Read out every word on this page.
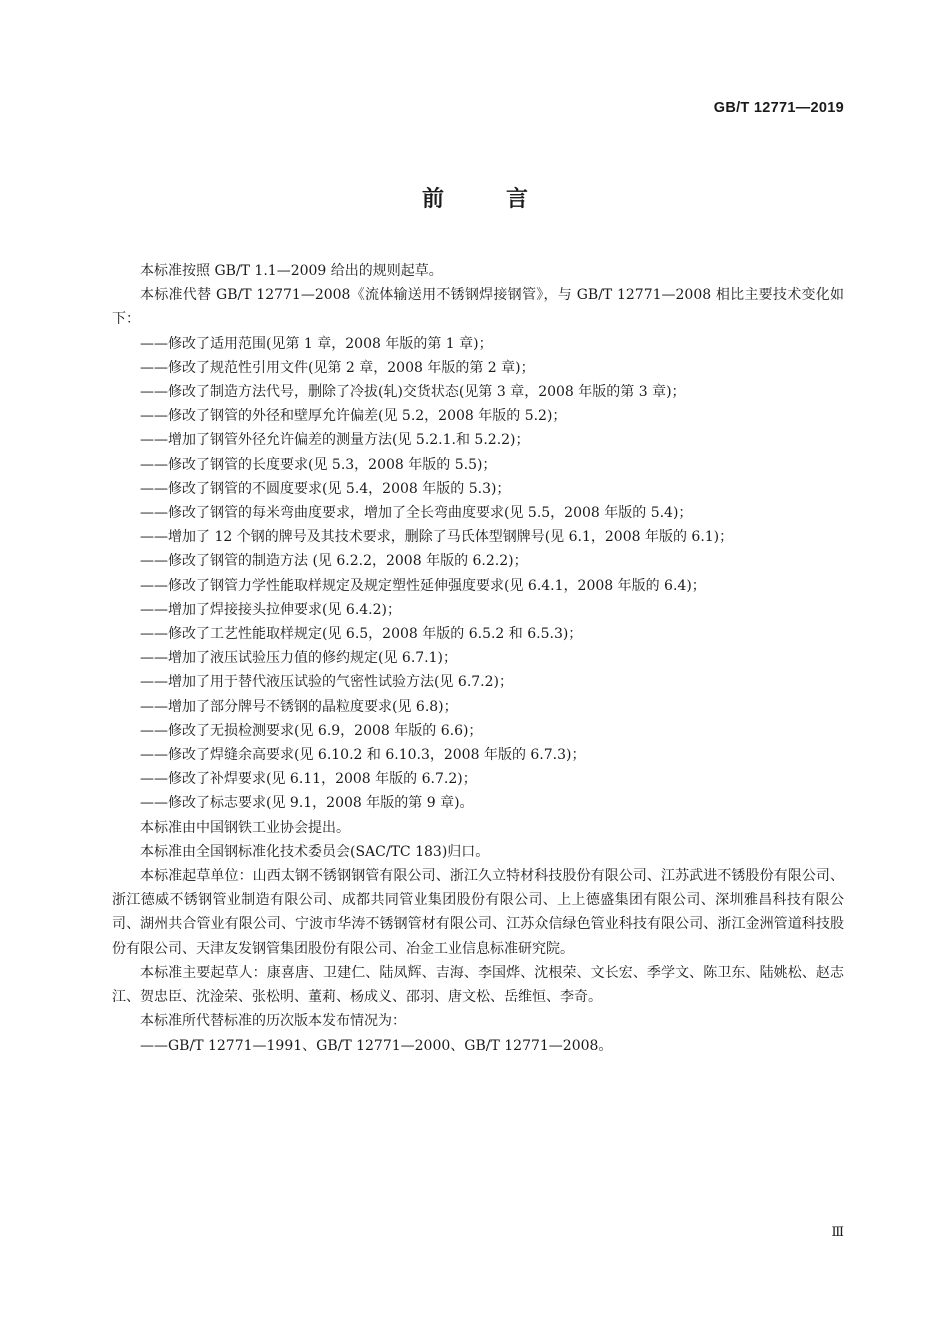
GB/T 12771—2019
前言

本标准按照 GB/T 1.1—2009 给出的规则起草。

本标准代替 GB/T 12771—2008《流体输送用不锈钢焊接钢管》，与 GB/T 12771—2008 相比主要技术变化如下：

——修改了适用范围(见第 1 章，2008 年版的第 1 章)；
——修改了规范性引用文件(见第 2 章，2008 年版的第 2 章)；
——修改了制造方法代号，删除了冷拔(轧)交货状态(见第 3 章，2008 年版的第 3 章)；
——修改了钢管的外径和壁厚允许偏差(见 5.2，2008 年版的 5.2)；
——增加了钢管外径允许偏差的测量方法(见 5.2.1.和 5.2.2)；
——修改了钢管的长度要求(见 5.3，2008 年版的 5.5)；
——修改了钢管的不圆度要求(见 5.4，2008 年版的 5.3)；
——修改了钢管的每米弯曲度要求，增加了全长弯曲度要求(见 5.5，2008 年版的 5.4)；
——增加了 12 个钢的牌号及其技术要求，删除了马氏体型钢牌号(见 6.1，2008 年版的 6.1)；
——修改了钢管的制造方法 (见 6.2.2，2008 年版的 6.2.2)；
——修改了钢管力学性能取样规定及规定塑性延伸强度要求(见 6.4.1，2008 年版的 6.4)；
——增加了焊接接头拉伸要求(见 6.4.2)；
——修改了工艺性能取样规定(见 6.5，2008 年版的 6.5.2 和 6.5.3)；
——增加了液压试验压力值的修约规定(见 6.7.1)；
——增加了用于替代液压试验的气密性试验方法(见 6.7.2)；
——增加了部分牌号不锈钢的晶粒度要求(见 6.8)；
——修改了无损检测要求(见 6.9，2008 年版的 6.6)；
——修改了焊缝余高要求(见 6.10.2 和 6.10.3，2008 年版的 6.7.3)；
——修改了补焊要求(见 6.11，2008 年版的 6.7.2)；
——修改了标志要求(见 9.1，2008 年版的第 9 章)。

本标准由中国钢铁工业协会提出。

本标准由全国钢标准化技术委员会(SAC/TC 183)归口。

本标准起草单位：山西太钢不锈钢钢管有限公司、浙江久立特材科技股份有限公司、江苏武进不锈股份有限公司、浙江德威不锈钢管业制造有限公司、成都共同管业集团股份有限公司、上上德盛集团有限公司、深圳雅昌科技有限公司、湖州共合管业有限公司、宁波市华涛不锈钢管材有限公司、江苏众信绿色管业科技有限公司、浙江金洲管道科技股份有限公司、天津友发钢管集团股份有限公司、冶金工业信息标准研究院。

本标准主要起草人：康喜唐、卫建仁、陆凤辉、吉海、李国烨、沈根荣、文长宏、季学文、陈卫东、陆姚松、赵志江、贺忠臣、沈淦荣、张松明、董莉、杨成义、邵羽、唐文松、岳维恒、李奇。

本标准所代替标准的历次版本发布情况为：

——GB/T 12771—1991、GB/T 12771—2000、GB/T 12771—2008。
Ⅲ
